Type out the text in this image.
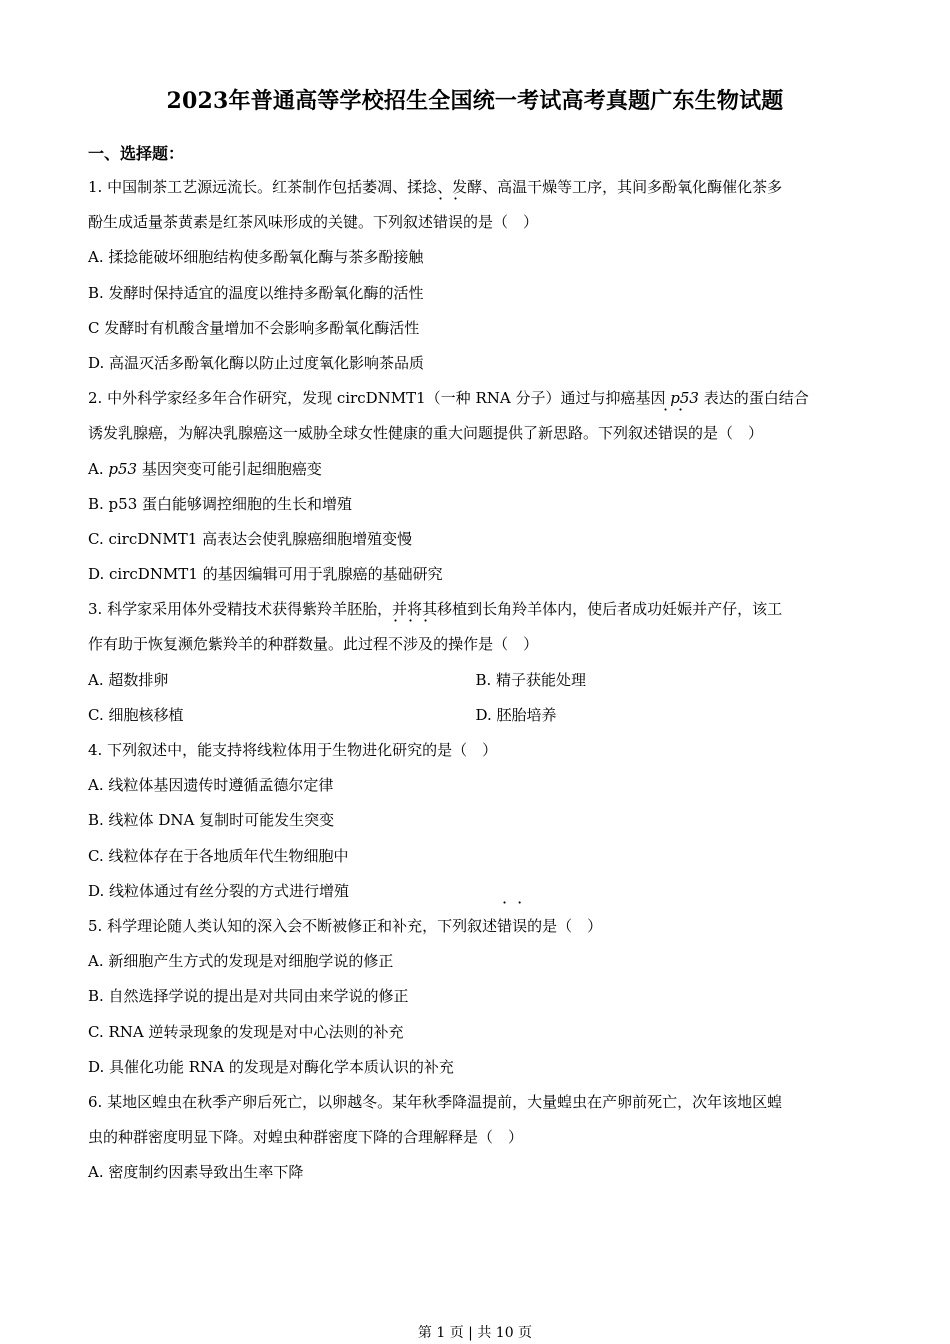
2023年普通高等学校招生全国统一考试高考真题广东生物试题
一、选择题：
1. 中国制茶工艺源远流长。红茶制作包括萎凋、揉捻、发酵、高温干燥等工序，其间多酚氧化酶催化茶多
酚生成适量茶黄素是红茶风味形成的关键。下列叙述错误的是（　）
A. 揉捻能破坏细胞结构使多酚氧化酶与茶多酚接触
B. 发酵时保持适宜的温度以维持多酚氧化酶的活性
C 发酵时有机酸含量增加不会影响多酚氧化酶活性
D. 高温灭活多酚氧化酶以防止过度氧化影响茶品质
2. 中外科学家经多年合作研究，发现 circDNMT1（一种 RNA 分子）通过与抑癌基因 p53 表达的蛋白结合
诱发乳腺癌，为解决乳腺癌这一威胁全球女性健康的重大问题提供了新思路。下列叙述错误的是（　）
A. p53 基因突变可能引起细胞癌变
B. p53 蛋白能够调控细胞的生长和增殖
C. circDNMT1 高表达会使乳腺癌细胞增殖变慢
D. circDNMT1 的基因编辑可用于乳腺癌的基础研究
3. 科学家采用体外受精技术获得紫羚羊胚胎，并将其移植到长角羚羊体内，使后者成功妊娠并产仔，该工
作有助于恢复濒危紫羚羊的种群数量。此过程不涉及的操作是（　）
A. 超数排卵	B. 精子获能处理
C. 细胞核移植	D. 胚胎培养
4. 下列叙述中，能支持将线粒体用于生物进化研究的是（　）
A. 线粒体基因遗传时遵循孟德尔定律
B. 线粒体 DNA 复制时可能发生突变
C. 线粒体存在于各地质年代生物细胞中
D. 线粒体通过有丝分裂的方式进行增殖
5. 科学理论随人类认知的深入会不断被修正和补充，下列叙述错误的是（　）
A. 新细胞产生方式的发现是对细胞学说的修正
B. 自然选择学说的提出是对共同由来学说的修正
C. RNA 逆转录现象的发现是对中心法则的补充
D. 具催化功能 RNA 的发现是对酶化学本质认识的补充
6. 某地区蝗虫在秋季产卵后死亡，以卵越冬。某年秋季降温提前，大量蝗虫在产卵前死亡，次年该地区蝗
虫的种群密度明显下降。对蝗虫种群密度下降的合理解释是（　）
A. 密度制约因素导致出生率下降
第 1 页 | 共 10 页
